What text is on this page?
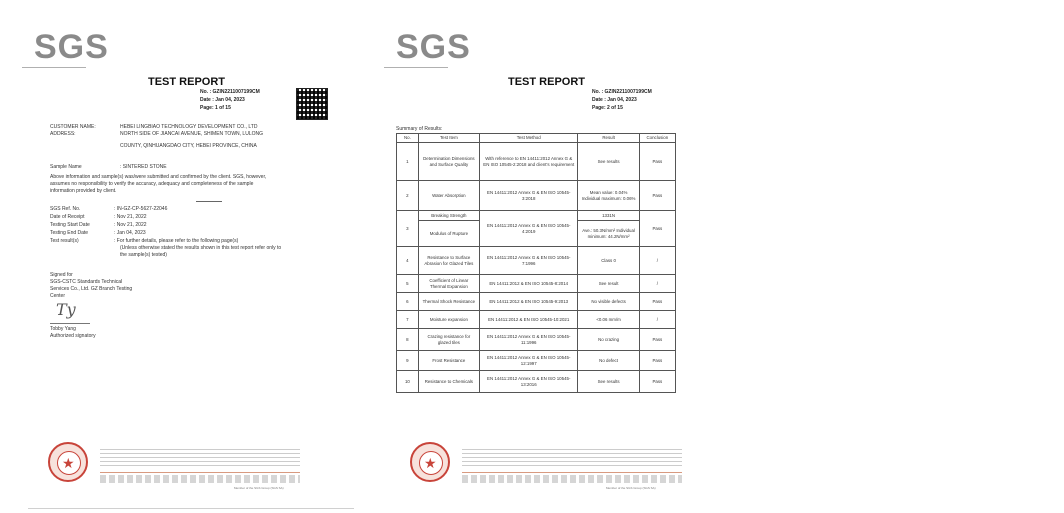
SGS
TEST REPORT
No. : GZIN2211007199CM
Date : Jan 04, 2023
Page: 1 of 15
CUSTOMER NAME:	HEBEI LINGBIAO TECHNOLOGY DEVELOPMENT CO., LTD
ADDRESS:	NORTH SIDE OF JIANCAI AVENUE, SHIMEN TOWN, LULONG
COUNTY, QINHUANGDAO CITY, HEBEI PROVINCE, CHINA
Sample Name	: SINTERED STONE
Above information and sample(s) was/were submitted and confirmed by the client. SGS, however,
assumes no responsibility to verify the accuracy, adequacy and completeness of the sample
information provided by client.
SGS Ref. No.	: IN-GZ-CP-5627-22046
Date of Receipt	: Nov 21, 2022
Testing Start Date	: Nov 21, 2022
Testing End Date	: Jan 04, 2023
Test result(s)	: For further details, please refer to the following page(s)
(Unless otherwise stated the results shown in this test report refer only to
the sample(s) tested)
Signed for
SGS-CSTC Standards Technical
Services Co., Ltd. GZ Branch Testing
Center
Ty
Tobby Yang
Authorized signatory
★
Member of the SGS Group (SGS SA)
SGS
TEST REPORT
No. : GZIN2211007199CM
Date : Jan 04, 2023
Page: 2 of 15
Summary of Results:
No.	Test Item	Test Method	Result	Conclusion
1	Determination Dimensions and Surface Quality	With reference to EN 14411:2012 Annex G & EN ISO 10545-2:2018 and client's requirement	See results	Pass
2	Water Absorption	EN 14411:2012 Annex G & EN ISO 10545-3:2018	Mean value: 0.04% Individual maximum: 0.06%	Pass
3	Breaking Strength	EN 14411:2012 Annex G & EN ISO 10545-4:2019	1331N	Pass
	Modulus of Rupture		Ave.: 50.3N/mm² Individual minimum: 44.2N/mm²	
4	Resistance to Surface Abrasion for Glazed Tiles	EN 14411:2012 Annex G & EN ISO 10545-7:1996	Class 0	/
5	Coefficient of Linear Thermal Expansion	EN 14411:2012 & EN ISO 10545-8:2014	See result	/
6	Thermal Shock Resistance	EN 14411:2012 & EN ISO 10545-9:2013	No visible defects	Pass
7	Moisture expansion	EN 14411:2012 & EN ISO 10545-10:2021	<0.06 mm/m	/
8	Crazing resistance for glazed tiles	EN 14411:2012 Annex G & EN ISO 10545-11:1996	No crazing	Pass
9	Frost Resistance	EN 14411:2012 Annex G & EN ISO 10545-12:1997	No defect	Pass
10	Resistance to Chemicals	EN 14411:2012 Annex G & EN ISO 10545-13:2016	See results	Pass
★
Member of the SGS Group (SGS SA)
